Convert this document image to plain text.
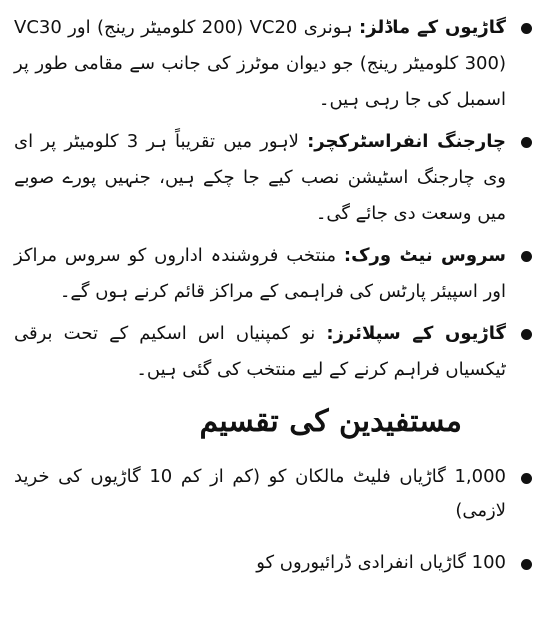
گاڑیوں کے ماڈلز: ہونری VC20 (200 کلومیٹر رینج) اور VC30 (300 کلومیٹر رینج) جو دیوان موٹرز کی جانب سے مقامی طور پر اسمبل کی جا رہی ہیں۔
چارجنگ انفراسٹرکچر: لاہور میں تقریباً ہر 3 کلومیٹر پر ای وی چارجنگ اسٹیشن نصب کیے جا چکے ہیں، جنہیں پورے صوبے میں وسعت دی جائے گی۔
سروس نیٹ ورک: منتخب فروشندہ اداروں کو سروس مراکز اور اسپیئر پارٹس کی فراہمی کے مراکز قائم کرنے ہوں گے۔
گاڑیوں کے سپلائرز: نو کمپنیاں اس اسکیم کے تحت برقی ٹیکسیاں فراہم کرنے کے لیے منتخب کی گئی ہیں۔
مستفیدین کی تقسیم
1,000 گاڑیاں فلیٹ مالکان کو (کم از کم 10 گاڑیوں کی خرید لازمی)
100 گاڑیاں انفرادی ڈرائیوروں کو
